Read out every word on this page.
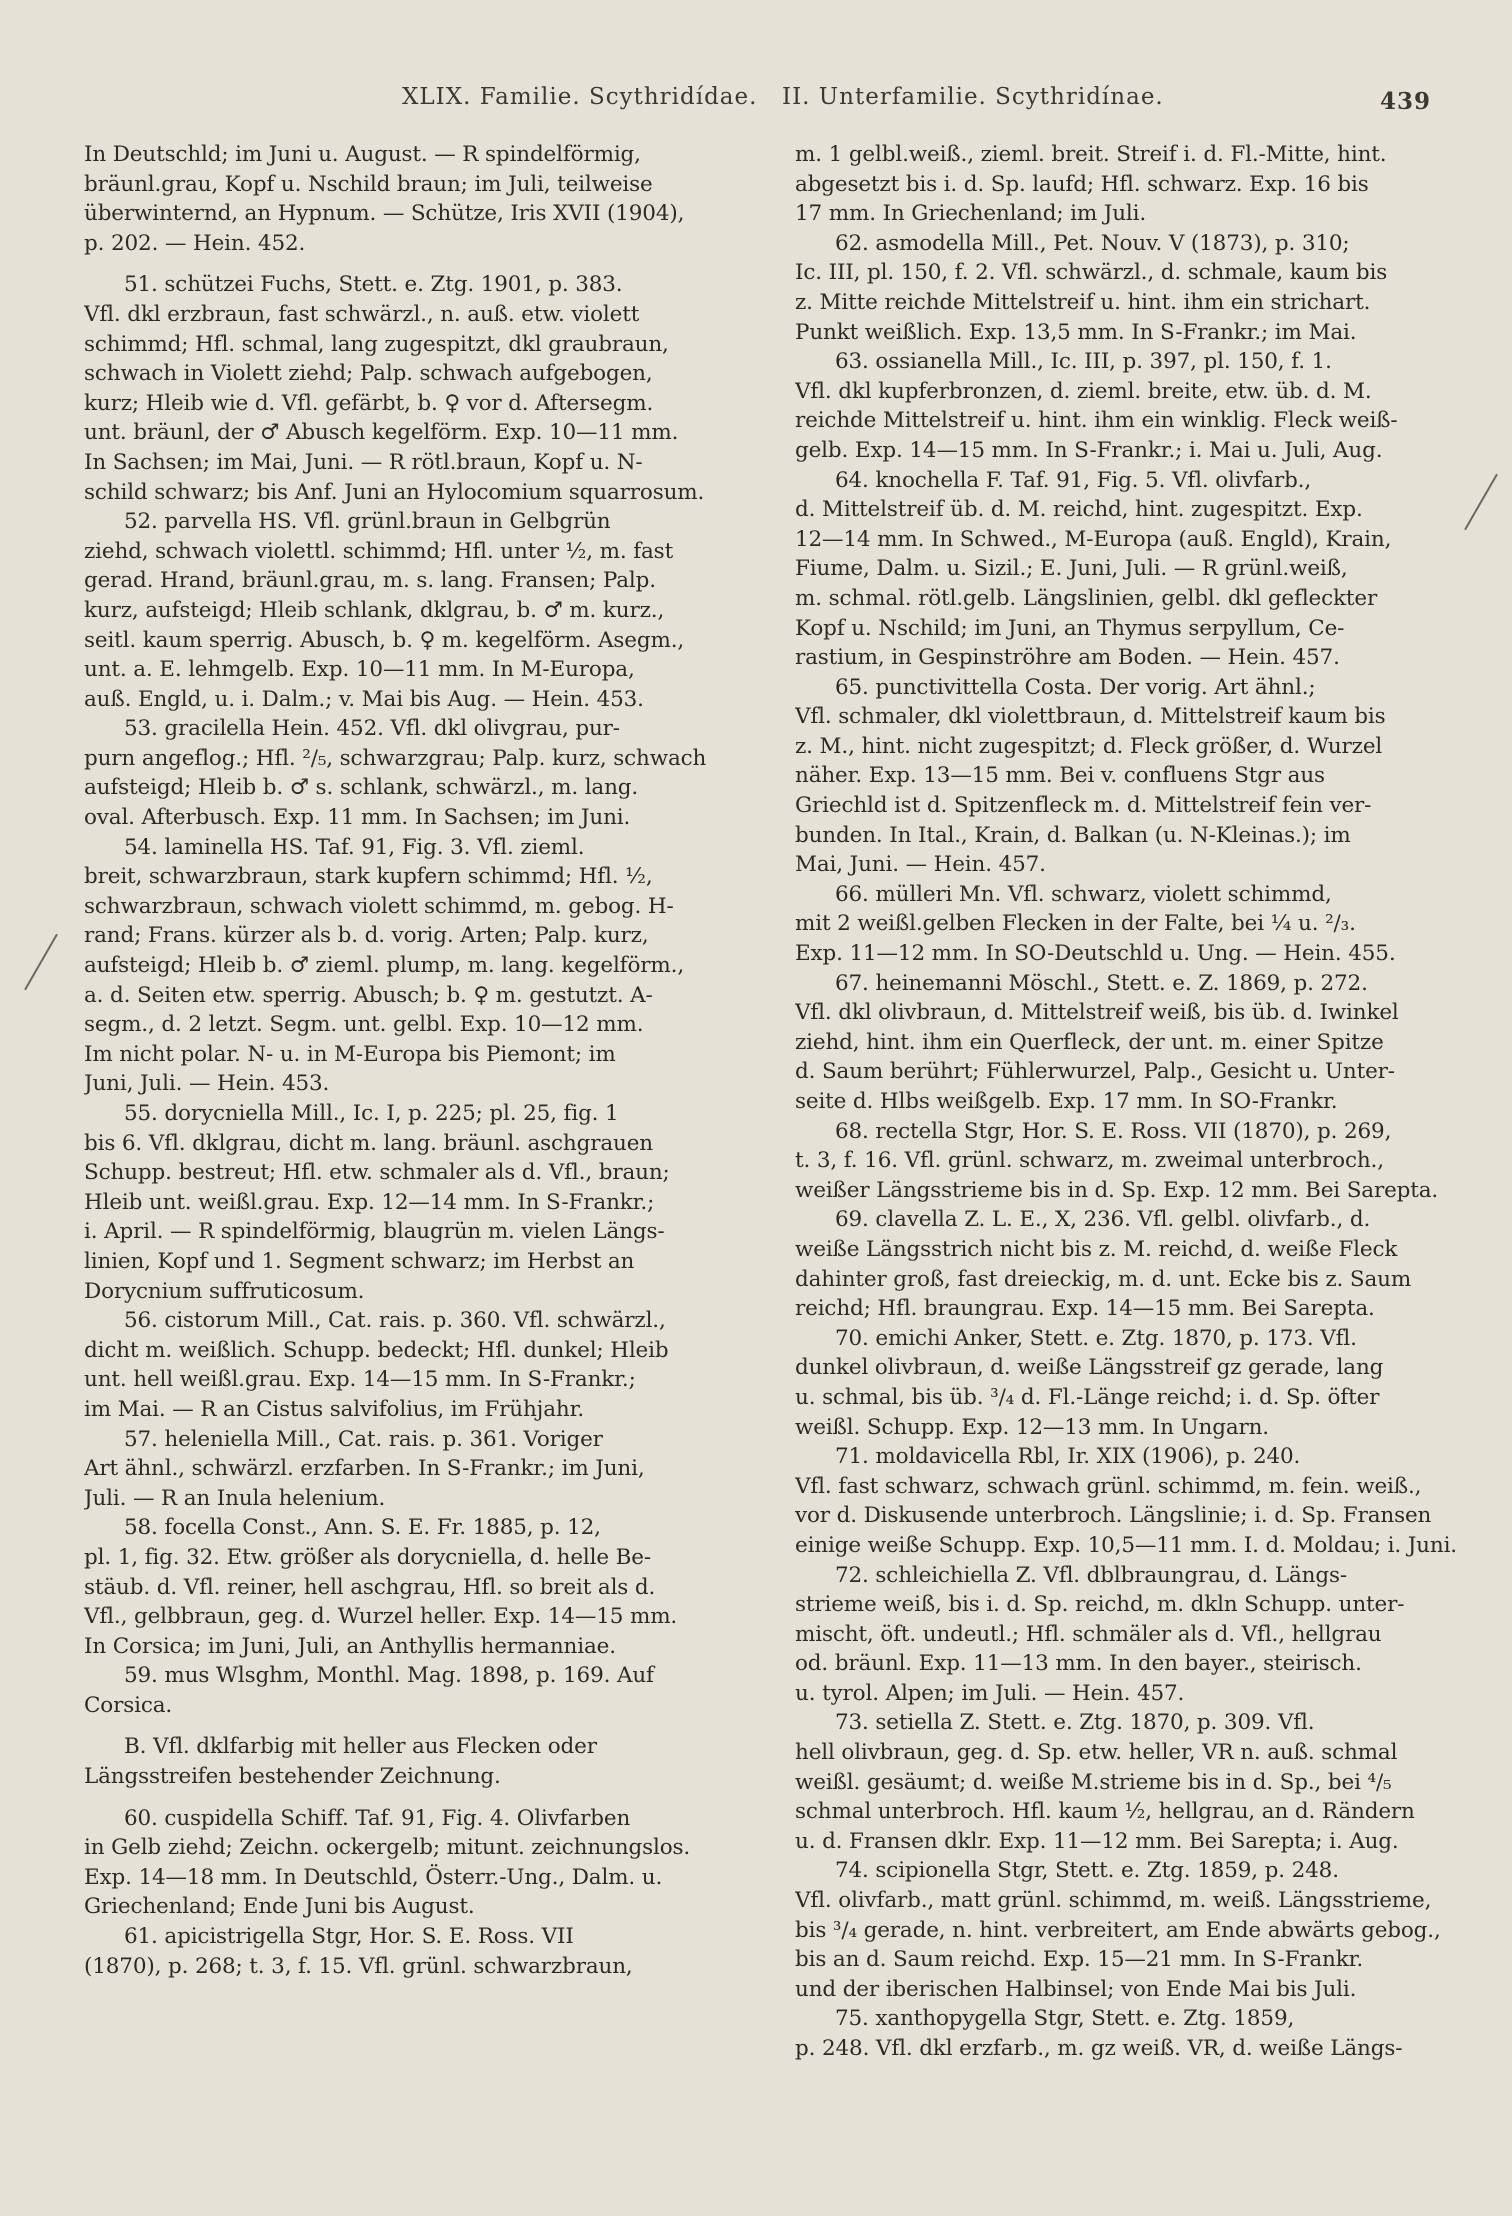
XLIX. Familie. Scythridídae. II. Unterfamilie. Scythridínae.	439
In Deutschld; im Juni u. August. — R spindelförmig,
bräunl.grau, Kopf u. Nschild braun; im Juli, teilweise
überwinternd, an Hypnum. — Schütze, Iris XVII (1904),
p. 202. — Hein. 452.
51. schützei Fuchs, Stett. e. Ztg. 1901, p. 383.
Vfl. dkl erzbraun, fast schwärzl., n. auß. etw. violett
schimmd; Hfl. schmal, lang zugespitzt, dkl graubraun,
schwach in Violett ziehd; Palp. schwach aufgebogen,
kurz; Hleib wie d. Vfl. gefärbt, b. ♀ vor d. Aftersegm.
unt. bräunl, der ♂ Abusch kegelförm. Exp. 10—11 mm.
In Sachsen; im Mai, Juni. — R rötl.braun, Kopf u. N-
schild schwarz; bis Anf. Juni an Hylocomium squarrosum.
52. parvella HS. Vfl. grünl.braun in Gelbgrün
ziehd, schwach violettl. schimmd; Hfl. unter ½, m. fast
gerad. Hrand, bräunl.grau, m. s. lang. Fransen; Palp.
kurz, aufsteigd; Hleib schlank, dklgrau, b. ♂ m. kurz.,
seitl. kaum sperrig. Abusch, b. ♀ m. kegelförm. Asegm.,
unt. a. E. lehmgelb. Exp. 10—11 mm. In M-Europa,
auß. Engld, u. i. Dalm.; v. Mai bis Aug. — Hein. 453.
53. gracilella Hein. 452. Vfl. dkl olivgrau, pur-
purn angeflog.; Hfl. ²/₅, schwarzgrau; Palp. kurz, schwach
aufsteigd; Hleib b. ♂ s. schlank, schwärzl., m. lang.
oval. Afterbusch. Exp. 11 mm. In Sachsen; im Juni.
54. laminella HS. Taf. 91, Fig. 3. Vfl. zieml.
breit, schwarzbraun, stark kupfern schimmd; Hfl. ½,
schwarzbraun, schwach violett schimmd, m. gebog. H-
rand; Frans. kürzer als b. d. vorig. Arten; Palp. kurz,
aufsteigd; Hleib b. ♂ zieml. plump, m. lang. kegelförm.,
a. d. Seiten etw. sperrig. Abusch; b. ♀ m. gestutzt. A-
segm., d. 2 letzt. Segm. unt. gelbl. Exp. 10—12 mm.
Im nicht polar. N- u. in M-Europa bis Piemont; im
Juni, Juli. — Hein. 453.
55. dorycniella Mill., Ic. I, p. 225; pl. 25, fig. 1
bis 6. Vfl. dklgrau, dicht m. lang. bräunl. aschgrauen
Schupp. bestreut; Hfl. etw. schmaler als d. Vfl., braun;
Hleib unt. weißl.grau. Exp. 12—14 mm. In S-Frankr.;
i. April. — R spindelförmig, blaugrün m. vielen Längs-
linien, Kopf und 1. Segment schwarz; im Herbst an
Dorycnium suffruticosum.
56. cistorum Mill., Cat. rais. p. 360. Vfl. schwärzl.,
dicht m. weißlich. Schupp. bedeckt; Hfl. dunkel; Hleib
unt. hell weißl.grau. Exp. 14—15 mm. In S-Frankr.;
im Mai. — R an Cistus salvifolius, im Frühjahr.
57. heleniella Mill., Cat. rais. p. 361. Voriger
Art ähnl., schwärzl. erzfarben. In S-Frankr.; im Juni,
Juli. — R an Inula helenium.
58. focella Const., Ann. S. E. Fr. 1885, p. 12,
pl. 1, fig. 32. Etw. größer als dorycniella, d. helle Be-
stäub. d. Vfl. reiner, hell aschgrau, Hfl. so breit als d.
Vfl., gelbbraun, geg. d. Wurzel heller. Exp. 14—15 mm.
In Corsica; im Juni, Juli, an Anthyllis hermanniae.
59. mus Wlsghm, Monthl. Mag. 1898, p. 169. Auf
Corsica.
B. Vfl. dklfarbig mit heller aus Flecken oder
Längsstreifen bestehender Zeichnung.
60. cuspidella Schiff. Taf. 91, Fig. 4. Olivfarben
in Gelb ziehd; Zeichn. ockergelb; mitunt. zeichnungslos.
Exp. 14—18 mm. In Deutschld, Österr.-Ung., Dalm. u.
Griechenland; Ende Juni bis August.
61. apicistrigella Stgr, Hor. S. E. Ross. VII
(1870), p. 268; t. 3, f. 15. Vfl. grünl. schwarzbraun,
m. 1 gelbl.weiß., zieml. breit. Streif i. d. Fl.-Mitte, hint.
abgesetzt bis i. d. Sp. laufd; Hfl. schwarz. Exp. 16 bis
17 mm. In Griechenland; im Juli.
62. asmodella Mill., Pet. Nouv. V (1873), p. 310;
Ic. III, pl. 150, f. 2. Vfl. schwärzl., d. schmale, kaum bis
z. Mitte reichde Mittelstreif u. hint. ihm ein strichart.
Punkt weißlich. Exp. 13,5 mm. In S-Frankr.; im Mai.
63. ossianella Mill., Ic. III, p. 397, pl. 150, f. 1.
Vfl. dkl kupferbronzen, d. zieml. breite, etw. üb. d. M.
reichde Mittelstreif u. hint. ihm ein winklig. Fleck weiß-
gelb. Exp. 14—15 mm. In S-Frankr.; i. Mai u. Juli, Aug.
64. knochella F. Taf. 91, Fig. 5. Vfl. olivfarb.,
d. Mittelstreif üb. d. M. reichd, hint. zugespitzt. Exp.
12—14 mm. In Schwed., M-Europa (auß. Engld), Krain,
Fiume, Dalm. u. Sizil.; E. Juni, Juli. — R grünl.weiß,
m. schmal. rötl.gelb. Längslinien, gelbl. dkl gefleckter
Kopf u. Nschild; im Juni, an Thymus serpyllum, Ce-
rastium, in Gespinströhre am Boden. — Hein. 457.
65. punctivittella Costa. Der vorig. Art ähnl.;
Vfl. schmaler, dkl violettbraun, d. Mittelstreif kaum bis
z. M., hint. nicht zugespitzt; d. Fleck größer, d. Wurzel
näher. Exp. 13—15 mm. Bei v. confluens Stgr aus
Griechld ist d. Spitzenfleck m. d. Mittelstreif fein ver-
bunden. In Ital., Krain, d. Balkan (u. N-Kleinas.); im
Mai, Juni. — Hein. 457.
66. mülleri Mn. Vfl. schwarz, violett schimmd,
mit 2 weißl.gelben Flecken in der Falte, bei ¼ u. ²/₃.
Exp. 11—12 mm. In SO-Deutschld u. Ung. — Hein. 455.
67. heinemanni Möschl., Stett. e. Z. 1869, p. 272.
Vfl. dkl olivbraun, d. Mittelstreif weiß, bis üb. d. Iwinkel
ziehd, hint. ihm ein Querfleck, der unt. m. einer Spitze
d. Saum berührt; Fühlerwurzel, Palp., Gesicht u. Unter-
seite d. Hlbs weißgelb. Exp. 17 mm. In SO-Frankr.
68. rectella Stgr, Hor. S. E. Ross. VII (1870), p. 269,
t. 3, f. 16. Vfl. grünl. schwarz, m. zweimal unterbroch.,
weißer Längsstrieme bis in d. Sp. Exp. 12 mm. Bei Sarepta.
69. clavella Z. L. E., X, 236. Vfl. gelbl. olivfarb., d.
weiße Längsstrich nicht bis z. M. reichd, d. weiße Fleck
dahinter groß, fast dreieckig, m. d. unt. Ecke bis z. Saum
reichd; Hfl. braungrau. Exp. 14—15 mm. Bei Sarepta.
70. emichi Anker, Stett. e. Ztg. 1870, p. 173. Vfl.
dunkel olivbraun, d. weiße Längsstreif gz gerade, lang
u. schmal, bis üb. ³/₄ d. Fl.-Länge reichd; i. d. Sp. öfter
weißl. Schupp. Exp. 12—13 mm. In Ungarn.
71. moldavicella Rbl, Ir. XIX (1906), p. 240.
Vfl. fast schwarz, schwach grünl. schimmd, m. fein. weiß.,
vor d. Diskusende unterbroch. Längslinie; i. d. Sp. Fransen
einige weiße Schupp. Exp. 10,5—11 mm. I. d. Moldau; i. Juni.
72. schleichiella Z. Vfl. dblbraungrau, d. Längs-
strieme weiß, bis i. d. Sp. reichd, m. dkln Schupp. unter-
mischt, öft. undeutl.; Hfl. schmäler als d. Vfl., hellgrau
od. bräunl. Exp. 11—13 mm. In den bayer., steirisch.
u. tyrol. Alpen; im Juli. — Hein. 457.
73. setiella Z. Stett. e. Ztg. 1870, p. 309. Vfl.
hell olivbraun, geg. d. Sp. etw. heller, VR n. auß. schmal
weißl. gesäumt; d. weiße M.strieme bis in d. Sp., bei ⁴/₅
schmal unterbroch. Hfl. kaum ½, hellgrau, an d. Rändern
u. d. Fransen dklr. Exp. 11—12 mm. Bei Sarepta; i. Aug.
74. scipionella Stgr, Stett. e. Ztg. 1859, p. 248.
Vfl. olivfarb., matt grünl. schimmd, m. weiß. Längsstrieme,
bis ³/₄ gerade, n. hint. verbreitert, am Ende abwärts gebog.,
bis an d. Saum reichd. Exp. 15—21 mm. In S-Frankr.
und der iberischen Halbinsel; von Ende Mai bis Juli.
75. xanthopygella Stgr, Stett. e. Ztg. 1859,
p. 248. Vfl. dkl erzfarb., m. gz weiß. VR, d. weiße Längs-
